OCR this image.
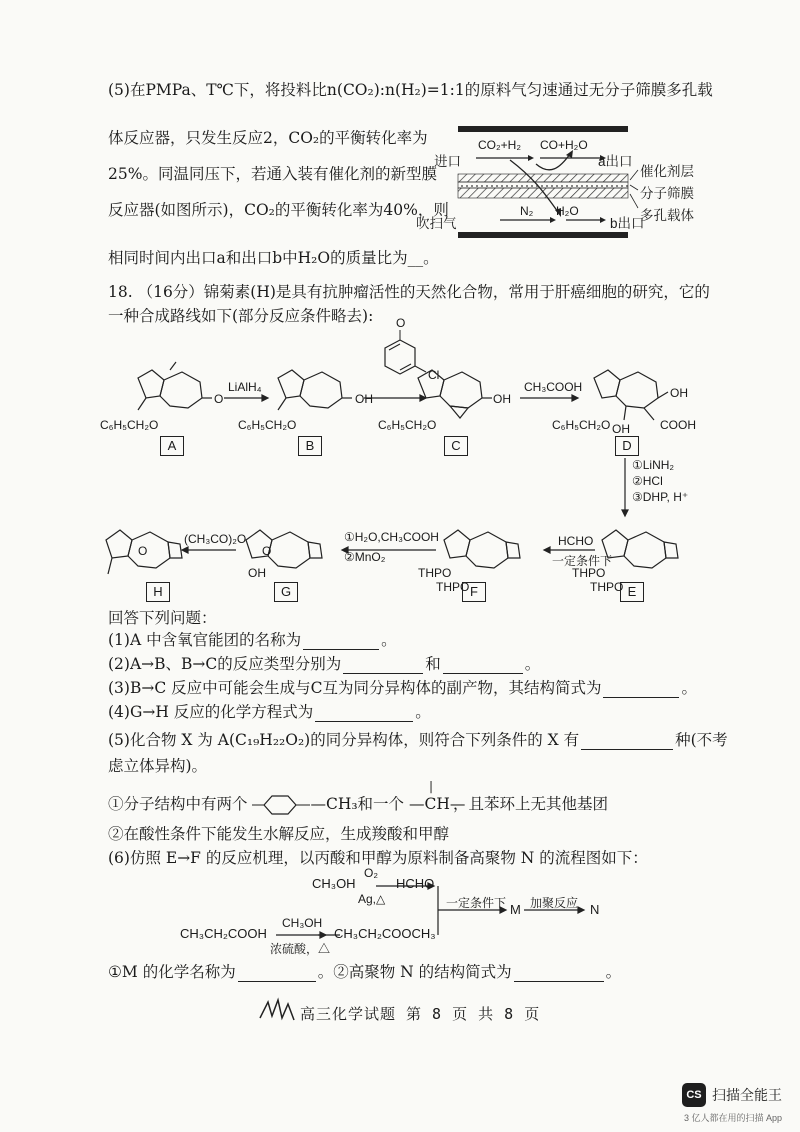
(5)在PMPa、T℃下，将投料比n(CO₂):n(H₂)=1:1的原料气匀速通过无分子筛膜多孔载
体反应器，只发生反应2，CO₂的平衡转化率为
25%。同温同压下，若通入装有催化剂的新型膜
反应器(如图所示)，CO₂的平衡转化率为40%，则
相同时间内出口a和出口b中H₂O的质量比为__。
进口
CO₂+H₂ CO+H₂O
a出口
吹扫气
N₂ H₂O
b出口
催化剂层
分子筛膜
多孔载体
18. （16分）锦菊素(H)是具有抗肿瘤活性的天然化合物，常用于肝癌细胞的研究，它的
一种合成路线如下(部分反应条件略去): O
Cl
O	OH	OH	OH
COOH
OH
C₆H₅CH₂O	C₆H₅CH₂O	C₆H₅CH₂O	C₆H₅CH₂O
A	B	C	D
LiAlH₄	CH₃COOH
①LiNH₂
②HCl
③DHP, H⁺
HCHO
一定条件下
①H₂O,CH₃COOH
②MnO₂
(CH₃CO)₂O
O	O
OH	THPO
THPO
THPO
THPO
H	G	F	E
回答下列问题：
(1)A 中含氧官能团的名称为	。
(2)A→B、B→C的反应类型分别为	和	。
(3)B→C 反应中可能会生成与C互为同分异构体的副产物，其结构简式为	。
(4)G→H 反应的化学方程式为	。
(5)化合物 X 为 A(C₁₉H₂₂O₂)的同分异构体，则符合下列条件的 X 有	种(不考
虑立体异构)。
①分子结构中有两个	—CH₃和一个
|
—CH—，且苯环上无其他基团
②在酸性条件下能发生水解反应，生成羧酸和甲醇
(6)仿照 E→F 的反应机理，以丙酸和甲醇为原料制备高聚物 N 的流程图如下：
CH₃OH
O₂
Ag,△
HCHO
一定条件下 M 加聚反应 N
CH₃CH₂COOH
CH₃OH
浓硫酸，△
CH₃CH₂COOCH₃
①M 的化学名称为	。②高聚物 N 的结构简式为	。
高三化学试题 第 8 页 共 8 页
CS 扫描全能王
3 亿人都在用的扫描 App
